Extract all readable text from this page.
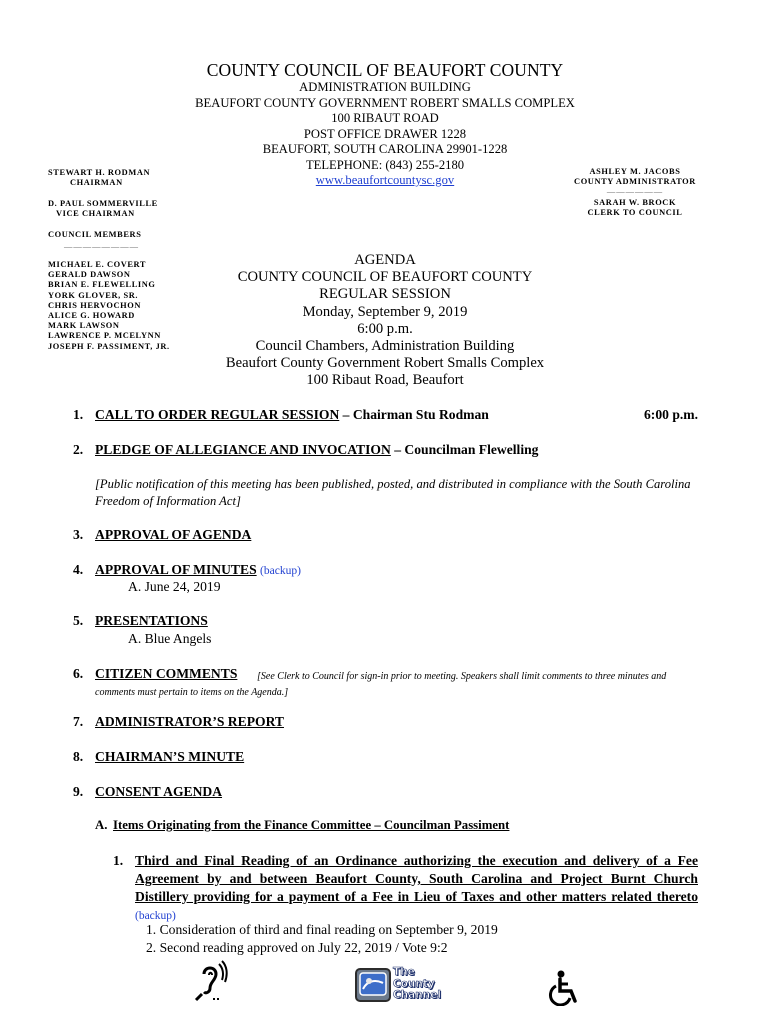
COUNTY COUNCIL OF BEAUFORT COUNTY
ADMINISTRATION BUILDING
BEAUFORT COUNTY GOVERNMENT ROBERT SMALLS COMPLEX
100 RIBAUT ROAD
POST OFFICE DRAWER 1228
BEAUFORT, SOUTH CAROLINA 29901-1228
TELEPHONE: (843) 255-2180
www.beaufortcountysc.gov
STEWART H. RODMAN
CHAIRMAN
D. PAUL SOMMERVILLE
VICE CHAIRMAN
COUNCIL MEMBERS
————————
MICHAEL E. COVERT
GERALD DAWSON
BRIAN E. FLEWELLING
YORK GLOVER, SR.
CHRIS HERVOCHON
ALICE G. HOWARD
MARK LAWSON
LAWRENCE P. MCELYNN
JOSEPH F. PASSIMENT, JR.
ASHLEY M. JACOBS
COUNTY ADMINISTRATOR
——————
SARAH W. BROCK
CLERK TO COUNCIL
AGENDA
COUNTY COUNCIL OF BEAUFORT COUNTY
REGULAR SESSION
Monday, September 9, 2019
6:00 p.m.
Council Chambers, Administration Building
Beaufort County Government Robert Smalls Complex
100 Ribaut Road, Beaufort
1. CALL TO ORDER REGULAR SESSION – Chairman Stu Rodman	6:00 p.m.
2. PLEDGE OF ALLEGIANCE AND INVOCATION – Councilman Flewelling
[Public notification of this meeting has been published, posted, and distributed in compliance with the South Carolina Freedom of Information Act]
3. APPROVAL OF AGENDA
4. APPROVAL OF MINUTES (backup)
A. June 24, 2019
5. PRESENTATIONS
A. Blue Angels
6. CITIZEN COMMENTS	[See Clerk to Council for sign-in prior to meeting. Speakers shall limit comments to three minutes and comments must pertain to items on the Agenda.]
7. ADMINISTRATOR’S REPORT
8. CHAIRMAN’S MINUTE
9. CONSENT AGENDA
A. Items Originating from the Finance Committee – Councilman Passiment
1. Third and Final Reading of an Ordinance authorizing the execution and delivery of a Fee Agreement by and between Beaufort County, South Carolina and Project Burnt Church Distillery providing for a payment of a Fee in Lieu of Taxes and other matters related thereto (backup)
1. Consideration of third and final reading on September 9, 2019
2. Second reading approved on July 22, 2019 / Vote 9:2
The County Channel
